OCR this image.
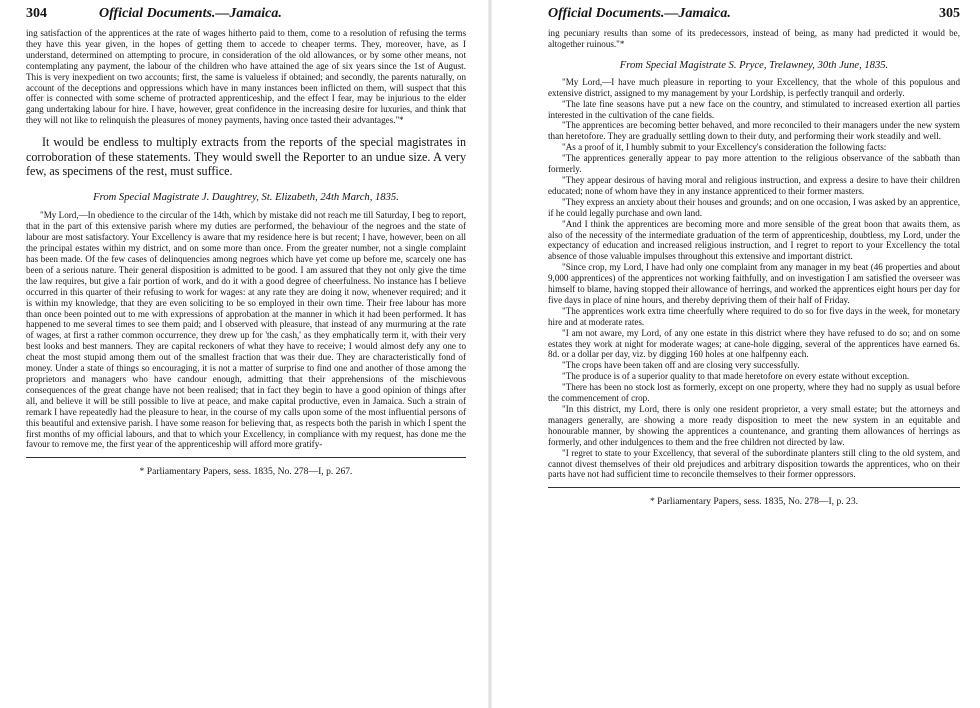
304	Official Documents.—Jamaica.

ing satisfaction of the apprentices at the rate of wages hitherto paid to them, come to a resolution of refusing the terms they have this year given, in the hopes of getting them to accede to cheaper terms. They, moreover, have, as I understand, determined on attempting to procure, in consideration of the old allowances, or by some other means, not contemplating any payment, the labour of the children who have attained the age of six years since the 1st of August. This is very inexpedient on two accounts; first, the same is valueless if obtained; and secondly, the parents naturally, on account of the deceptions and oppressions which have in many instances been inflicted on them, will suspect that this offer is connected with some scheme of protracted apprenticeship, and the effect I fear, may be injurious to the elder gang undertaking labour for hire. I have, however, great confidence in the increasing desire for luxuries, and think that they will not like to relinquish the pleasures of money payments, having once tasted their advantages."*

It would be endless to multiply extracts from the reports of the special magistrates in corroboration of these statements. They would swell the Reporter to an undue size. A very few, as specimens of the rest, must suffice.

From Special Magistrate J. Daughtrey, St. Elizabeth, 24th March, 1835.

"My Lord,—In obedience to the circular of the 14th, which by mistake did not reach me till Saturday, I beg to report, that in the part of this extensive parish where my duties are performed, the behaviour of the negroes and the state of labour are most satisfactory. Your Excellency is aware that my residence here is but recent; I have, however, been on all the principal estates within my district, and on some more than once. From the greater number, not a single complaint has been made. Of the few cases of delinquencies among negroes which have yet come up before me, scarcely one has been of a serious nature. Their general disposition is admitted to be good. I am assured that they not only give the time the law requires, but give a fair portion of work, and do it with a good degree of cheerfulness. No instance has I believe occurred in this quarter of their refusing to work for wages: at any rate they are doing it now, whenever required; and it is within my knowledge, that they are even soliciting to be so employed in their own time. Their free labour has more than once been pointed out to me with expressions of approbation at the manner in which it had been performed. It has happened to me several times to see them paid; and I observed with pleasure, that instead of any murmuring at the rate of wages, at first a rather common occurrence, they drew up for 'the cash,' as they emphatically term it, with their very best looks and best manners. They are capital reckoners of what they have to receive; I would almost defy any one to cheat the most stupid among them out of the smallest fraction that was their due. They are characteristically fond of money. Under a state of things so encouraging, it is not a matter of surprise to find one and another of those among the proprietors and managers who have candour enough, admitting that their apprehensions of the mischievous consequences of the great change have not been realised; that in fact they begin to have a good opinion of things after all, and believe it will be still possible to live at peace, and make capital productive, even in Jamaica. Such a strain of remark I have repeatedly had the pleasure to hear, in the course of my calls upon some of the most influential persons of this beautiful and extensive parish. I have some reason for believing that, as respects both the parish in which I spent the first months of my official labours, and that to which your Excellency, in compliance with my request, has done me the favour to remove me, the first year of the apprenticeship will afford more gratify-

* Parliamentary Papers, sess. 1835, No. 278—I, p. 267.
Official Documents.—Jamaica.	305

ing pecuniary results than some of its predecessors, instead of being, as many had predicted it would be, altogether ruinous."*

From Special Magistrate S. Pryce, Trelawney, 30th June, 1835.

"My Lord,—I have much pleasure in reporting to your Excellency, that the whole of this populous and extensive district, assigned to my management by your Lordship, is perfectly tranquil and orderly.

"The late fine seasons have put a new face on the country, and stimulated to increased exertion all parties interested in the cultivation of the cane fields.

"The apprentices are becoming better behaved, and more reconciled to their managers under the new system than heretofore. They are gradually settling down to their duty, and performing their work steadily and well.

"As a proof of it, I humbly submit to your Excellency's consideration the following facts:

"The apprentices generally appear to pay more attention to the religious observance of the sabbath than formerly.

"They appear desirous of having moral and religious instruction, and express a desire to have their children educated; none of whom have they in any instance apprenticed to their former masters.

"They express an anxiety about their houses and grounds; and on one occasion, I was asked by an apprentice, if he could legally purchase and own land.

"And I think the apprentices are becoming more and more sensible of the great boon that awaits them, as also of the necessity of the intermediate graduation of the term of apprenticeship, doubtless, my Lord, under the expectancy of education and increased religious instruction, and I regret to report to your Excellency the total absence of those valuable impulses throughout this extensive and important district.

"Since crop, my Lord, I have had only one complaint from any manager in my beat (46 properties and about 9,000 apprentices) of the apprentices not working faithfully, and on investigation I am satisfied the overseer was himself to blame, having stopped their allowance of herrings, and worked the apprentices eight hours per day for five days in place of nine hours, and thereby depriving them of their half of Friday.

"The apprentices work extra time cheerfully where required to do so for five days in the week, for monetary hire and at moderate rates.

"I am not aware, my Lord, of any one estate in this district where they have refused to do so; and on some estates they work at night for moderate wages; at cane-hole digging, several of the apprentices have earned 6s. 8d. or a dollar per day, viz. by digging 160 holes at one halfpenny each.

"The crops have been taken off and are closing very successfully.

"The produce is of a superior quality to that made heretofore on every estate without exception.

"There has been no stock lost as formerly, except on one property, where they had no supply as usual before the commencement of crop.

"In this district, my Lord, there is only one resident proprietor, a very small estate; but the attorneys and managers generally, are showing a more ready disposition to meet the new system in an equitable and honourable manner, by showing the apprentices a countenance, and granting them allowances of herrings as formerly, and other indulgences to them and the free children not directed by law.

"I regret to state to your Excellency, that several of the subordinate planters still cling to the old system, and cannot divest themselves of their old prejudices and arbitrary disposition towards the apprentices, who on their parts have not had sufficient time to reconcile themselves to their former oppressors.

* Parliamentary Papers, sess. 1835, No. 278—I, p. 23.
